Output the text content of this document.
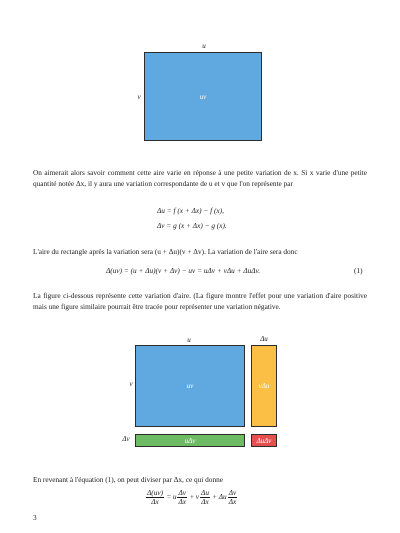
u
v	uv
On aimerait alors savoir comment cette aire varie en réponse à une petite variation de x. Si x varie d'une petite quantité notée Δx, il y aura une variation correspondante de u et v que l'on représente par
Δu = f (x + Δx) − f (x),
Δv = g (x + Δx) − g (x).
L'aire du rectangle après la variation sera (u + Δu)(v + Δv). La variation de l'aire sera donc
Δ(uv) = (u + Δu)(v + Δv) − uv = uΔv + vΔu + ΔuΔv.	(1)
La figure ci-dessous représente cette variation d'aire. (La figure montre l'effet pour une variation d'aire positive mais une figure similaire pourrait être tracée pour représenter une variation négative.
u	Δu
v
Δv
uv	vΔu
uΔv	ΔuΔv
En revenant à l'équation (1), on peut diviser par Δx, ce qui donne
$\frac{\Delta(uv)}{\Delta x} = u \frac{\Delta v}{\Delta x} + v \frac{\Delta u}{\Delta x} + \Delta u \frac{\Delta v}{\Delta x}$
3
